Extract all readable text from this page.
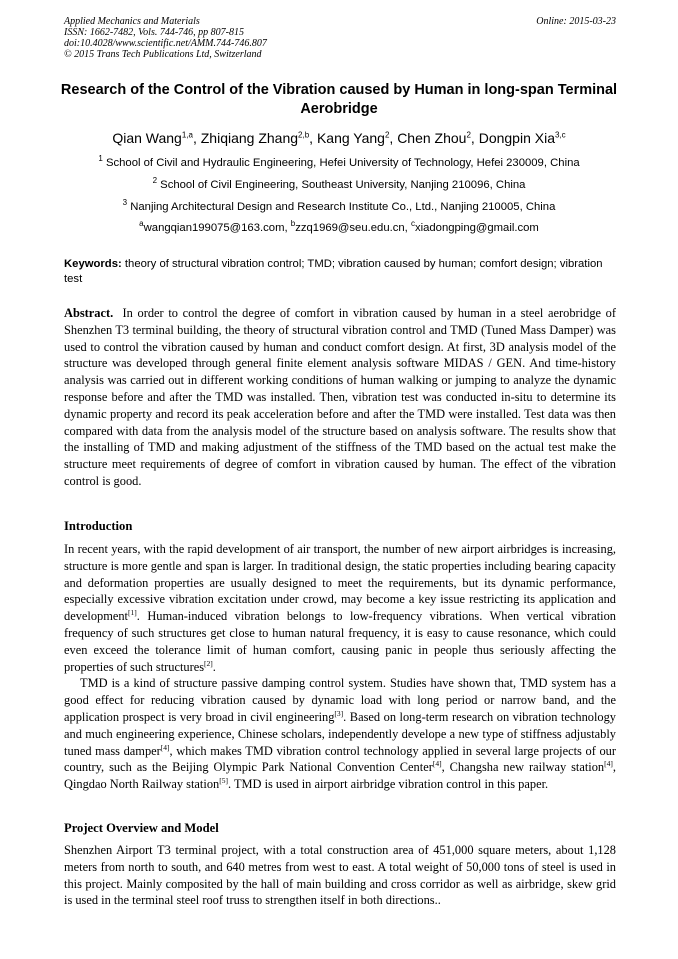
Applied Mechanics and Materials
ISSN: 1662-7482, Vols. 744-746, pp 807-815
doi:10.4028/www.scientific.net/AMM.744-746.807
© 2015 Trans Tech Publications Ltd, Switzerland
Online: 2015-03-23
Research of the Control of the Vibration caused by Human in long-span Terminal Aerobridge
Qian Wang$^{1,a}$, Zhiqiang Zhang$^{2,b}$, Kang Yang$^2$, Chen Zhou$^2$, Dongpin Xia$^{3,c}$
$^1$ School of Civil and Hydraulic Engineering, Hefei University of Technology, Hefei 230009, China
$^2$ School of Civil Engineering, Southeast University, Nanjing 210096, China
$^3$ Nanjing Architectural Design and Research Institute Co., Ltd., Nanjing 210005, China
$^a$wangqian199075@163.com, $^b$zzq1969@seu.edu.cn, $^c$xiadongping@gmail.com
Keywords: theory of structural vibration control; TMD; vibration caused by human; comfort design; vibration test

Abstract. In order to control the degree of comfort in vibration caused by human in a steel aerobridge of Shenzhen T3 terminal building, the theory of structural vibration control and TMD (Tuned Mass Damper) was used to control the vibration caused by human and conduct comfort design. At first, 3D analysis model of the structure was developed through general finite element analysis software MIDAS / GEN. And time-history analysis was carried out in different working conditions of human walking or jumping to analyze the dynamic response before and after the TMD was installed. Then, vibration test was conducted in-situ to determine its dynamic property and record its peak acceleration before and after the TMD were installed. Test data was then compared with data from the analysis model of the structure based on analysis software. The results show that the installing of TMD and making adjustment of the stiffness of the TMD based on the actual test make the structure meet requirements of degree of comfort in vibration caused by human. The effect of the vibration control is good.

Introduction

In recent years, with the rapid development of air transport, the number of new airport airbridges is increasing, structure is more gentle and span is larger. In traditional design, the static properties including bearing capacity and deformation properties are usually designed to meet the requirements, but its dynamic performance, especially excessive vibration excitation under crowd, may become a key issue restricting its application and development[1]. Human-induced vibration belongs to low-frequency vibrations. When vertical vibration frequency of such structures get close to human natural frequency, it is easy to cause resonance, which could even exceed the tolerance limit of human comfort, causing panic in people thus seriously affecting the properties of such structures[2].

TMD is a kind of structure passive damping control system. Studies have shown that, TMD system has a good effect for reducing vibration caused by dynamic load with long period or narrow band, and the application prospect is very broad in civil engineering[3]. Based on long-term research on vibration technology and much engineering experience, Chinese scholars, independently develope a new type of stiffness adjustably tuned mass damper[4], which makes TMD vibration control technology applied in several large projects of our country, such as the Beijing Olympic Park National Convention Center[4], Changsha new railway station[4], Qingdao North Railway station[5]. TMD is used in airport airbridge vibration control in this paper.

Project Overview and Model

Shenzhen Airport T3 terminal project, with a total construction area of 451,000 square meters, about 1,128 meters from north to south, and 640 metres from west to east. A total weight of 50,000 tons of steel is used in this project. Mainly composited by the hall of main building and cross corridor as well as airbridge, skew grid is used in the terminal steel roof truss to strengthen itself in both directions..
